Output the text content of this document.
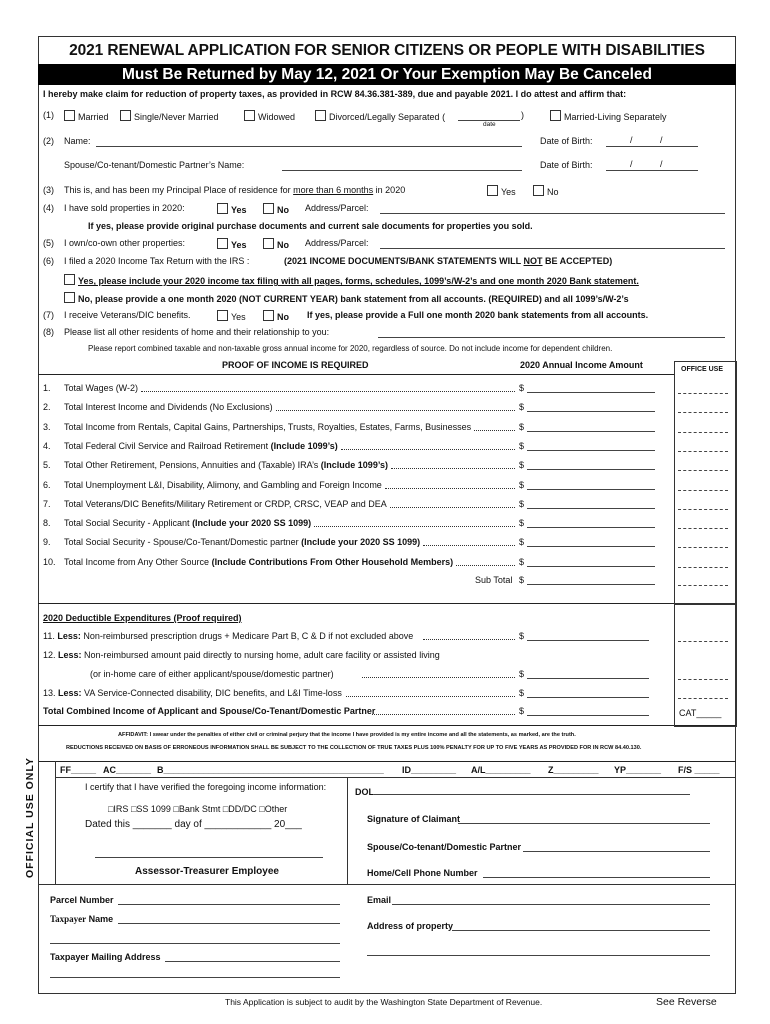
2021 RENEWAL APPLICATION FOR SENIOR CITIZENS OR PEOPLE WITH DISABILITIES
Must Be Returned by May 12, 2021 Or Your Exemption May Be Canceled
I hereby make claim for reduction of property taxes, as provided in RCW 84.36.381-389, due and payable 2021. I do attest and affirm that:
(1)	Married	Single/Never Married	Widowed	Divorced/Legally Separated (	)
date
Married-Living Separately
(2) Name:	Date of Birth:	/	/
Spouse/Co-tenant/Domestic Partner’s Name:	Date of Birth:	/	/
(3) This is, and has been my Principal Place of residence for more than 6 months in 2020	Yes	No
(4) I have sold properties in 2020:	Yes	No Address/Parcel:
If yes, please provide original purchase documents and current sale documents for properties you sold.
(5) I own/co-own other properties:	Yes	No Address/Parcel:
(6) I filed a 2020 Income Tax Return with the IRS :	(2021 INCOME DOCUMENTS/BANK STATEMENTS WILL NOT BE ACCEPTED)
Yes, please include your 2020 income tax filing with all pages, forms, schedules, 1099’s/W-2’s and one month 2020 Bank statement.
No, please provide a one month 2020 (NOT CURRENT YEAR) bank statement from all accounts. (REQUIRED) and all 1099’s/W-2’s
(7) I receive Veterans/DIC benefits.	Yes	No If yes, please provide a Full one month 2020 bank statements from all accounts.
(8) Please list all other residents of home and their relationship to you:
Please report combined taxable and non-taxable gross annual income for 2020, regardless of source. Do not include income for dependent children.
PROOF OF INCOME IS REQUIRED	2020 Annual Income Amount	OFFICE USE
1. Total Wages (W-2)	$
2. Total Interest Income and Dividends (No Exclusions)	$
3. Total Income from Rentals, Capital Gains, Partnerships, Trusts, Royalties, Estates, Farms, Businesses	$
4. Total Federal Civil Service and Railroad Retirement (Include 1099’s)	$
5. Total Other Retirement, Pensions, Annuities and (Taxable) IRA’s (Include 1099’s)	$
6. Total Unemployment L&I, Disability, Alimony, and Gambling and Foreign Income	$
7. Total Veterans/DIC Benefits/Military Retirement or CRDP, CRSC, VEAP and DEA	$
8. Total Social Security - Applicant (Include your 2020 SS 1099)	$
9. Total Social Security - Spouse/Co-Tenant/Domestic partner (Include your 2020 SS 1099)	$
10. Total Income from Any Other Source (Include Contributions From Other Household Members)	$
Sub Total $
2020 Deductible Expenditures (Proof required)
11. Less: Non-reimbursed prescription drugs + Medicare Part B, C & D if not excluded above	$
12. Less: Non-reimbursed amount paid directly to nursing home, adult care facility or assisted living
(or in-home care of either applicant/spouse/domestic partner)	$
13. Less: VA Service-Connected disability, DIC benefits, and L&I Time-loss	$
Total Combined Income of Applicant and Spouse/Co-Tenant/Domestic Partner	$	CAT_____
AFFIDAVIT: I swear under the penalties of either civil or criminal perjury that the income I have provided is my entire income and all the statements, as marked, are the truth.
REDUCTIONS RECEIVED ON BASIS OF ERRONEOUS INFORMATION SHALL BE SUBJECT TO THE COLLECTION OF TRUE TAXES PLUS 100% PENALTY FOR UP TO FIVE YEARS AS PROVIDED FOR IN RCW 84.40.130.
OFFICIAL USE ONLY	FF_____ AC_______ B____________________________________________ ID_________ A/L_________ Z_________ YP_______ F/S _____
I certify that I have verified the foregoing income information:
□IRS □SS 1099 □Bank Stmt □DD/DC □Other
Dated this _______ day of ____________ 20___
Assessor-Treasurer Employee
DOL
Signature of Claimant
Spouse/Co-tenant/Domestic Partner
Home/Cell Phone Number
Parcel Number
Taxpayer Name
Taxpayer Mailing Address
Email
Address of property
This Application is subject to audit by the Washington State Department of Revenue.	See Reverse
